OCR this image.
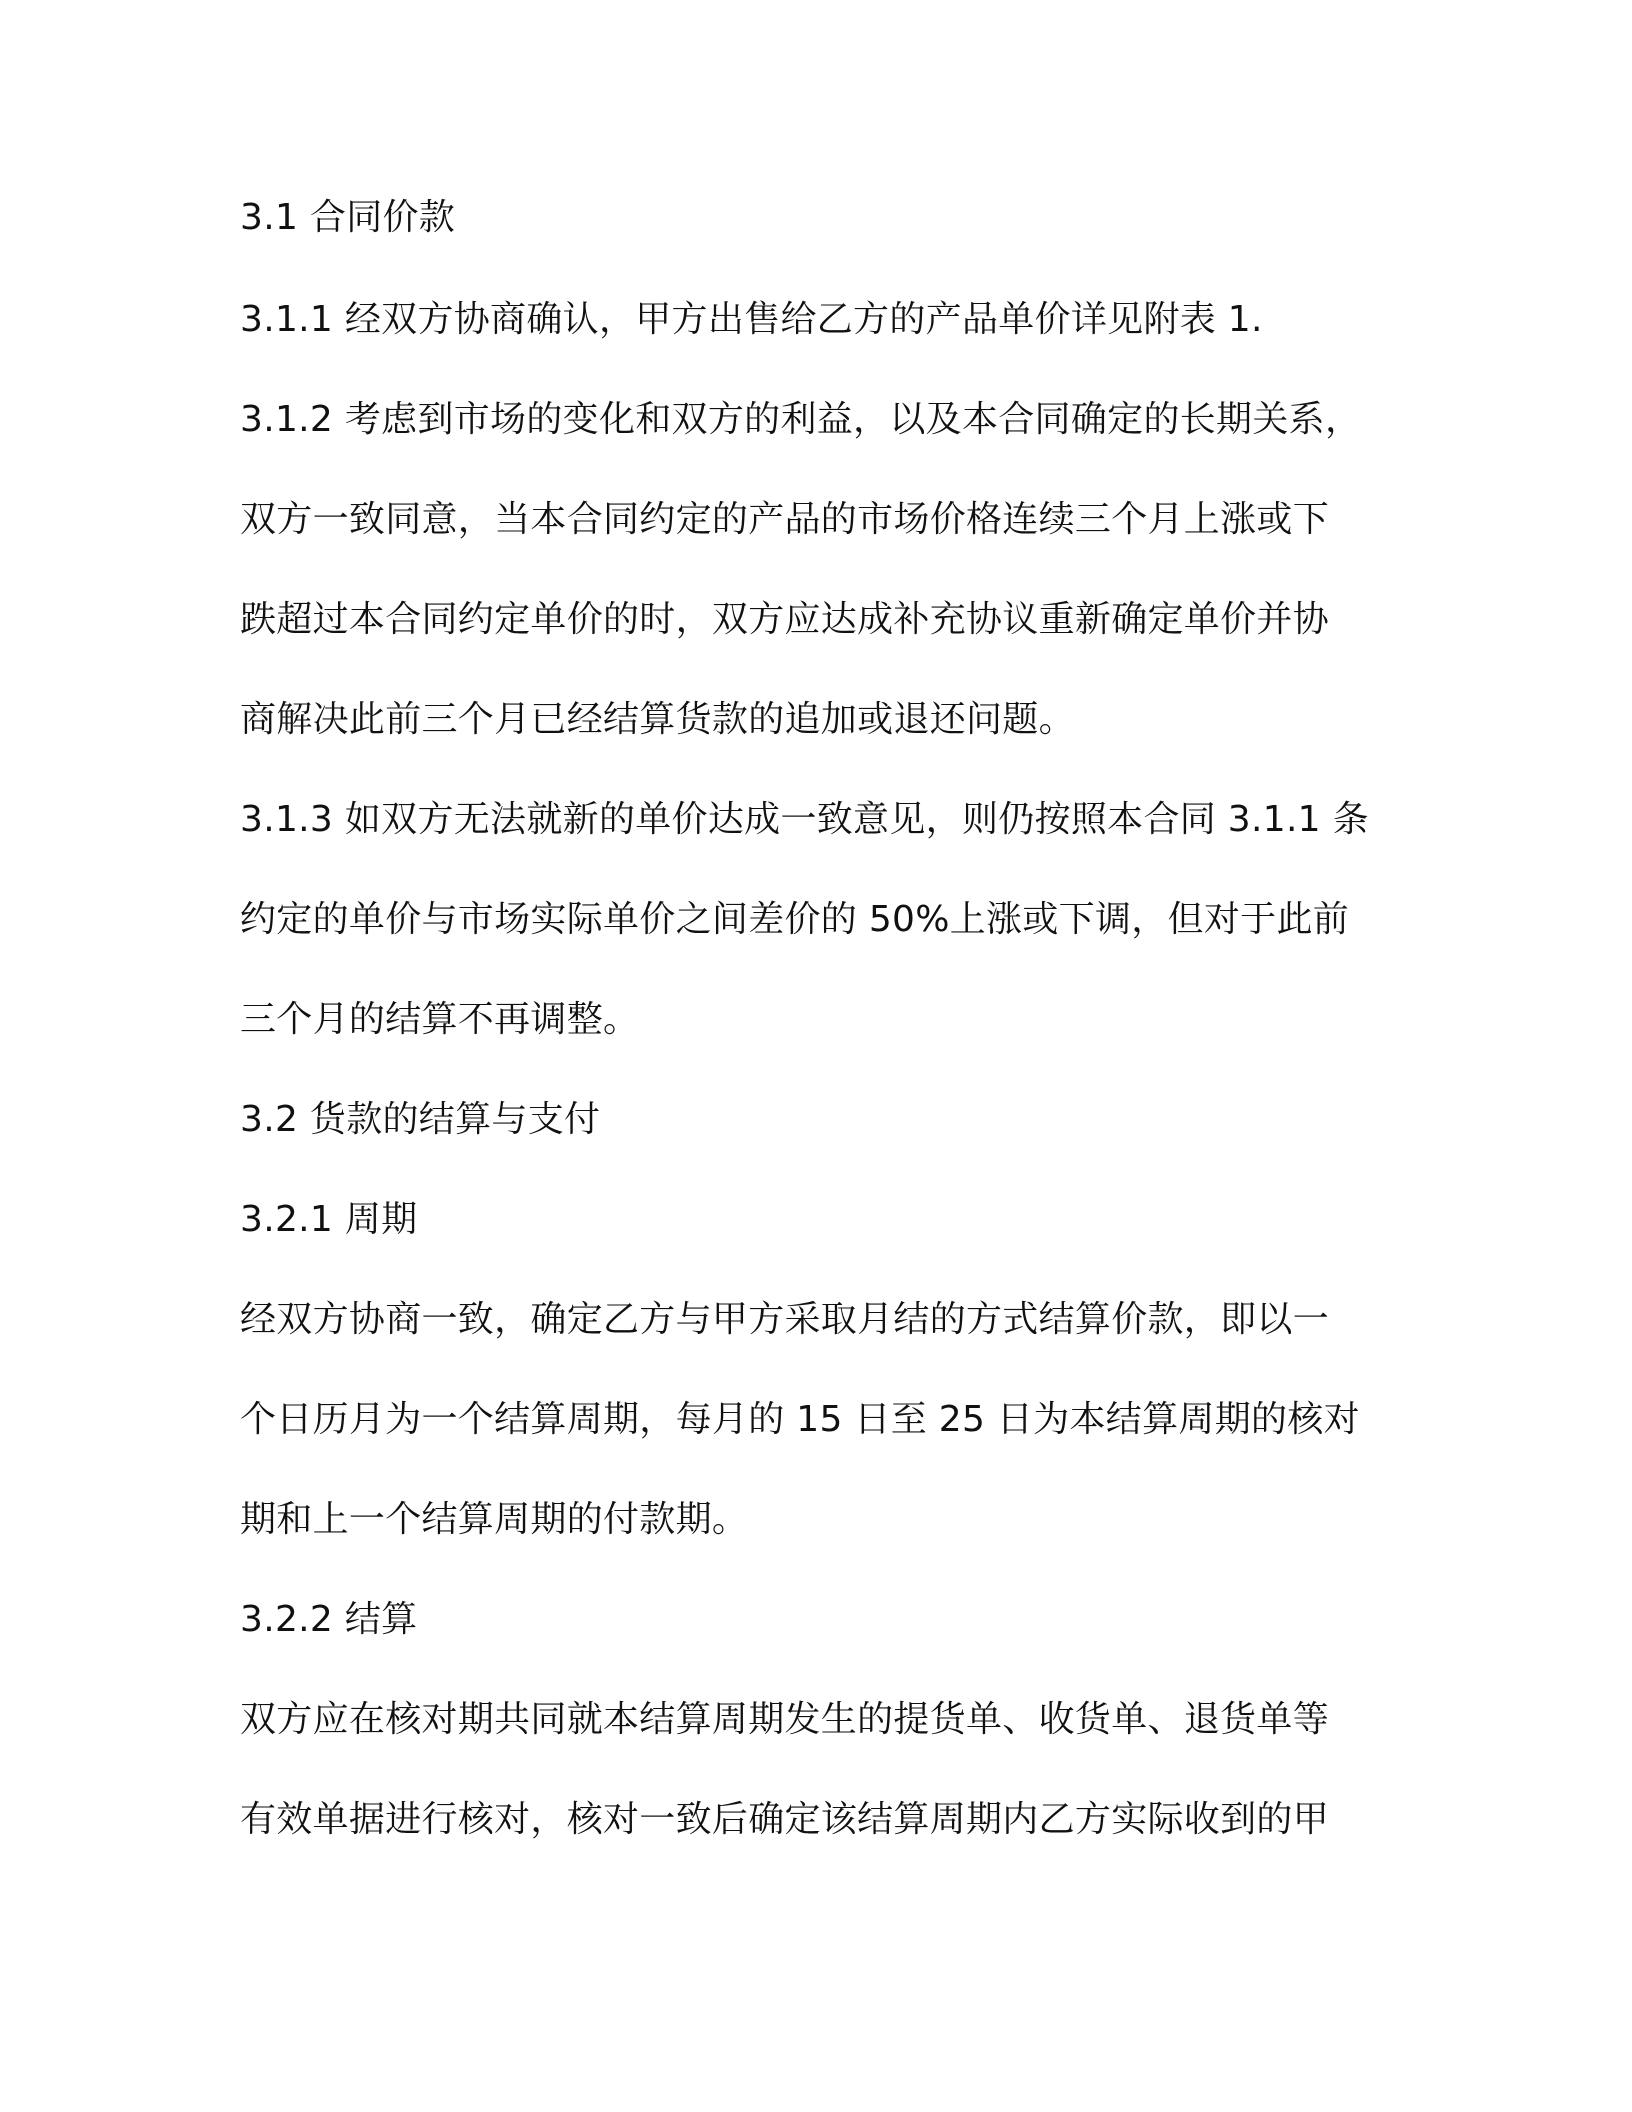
3.1 合同价款
3.1.1 经双方协商确认，甲方出售给乙方的产品单价详见附表 1.
3.1.2 考虑到市场的变化和双方的利益，以及本合同确定的长期关系，
双方一致同意，当本合同约定的产品的市场价格连续三个月上涨或下
跌超过本合同约定单价的时，双方应达成补充协议重新确定单价并协
商解决此前三个月已经结算货款的追加或退还问题。
3.1.3 如双方无法就新的单价达成一致意见，则仍按照本合同 3.1.1 条
约定的单价与市场实际单价之间差价的 50%上涨或下调，但对于此前
三个月的结算不再调整。
3.2 货款的结算与支付
3.2.1 周期
经双方协商一致，确定乙方与甲方采取月结的方式结算价款，即以一
个日历月为一个结算周期，每月的 15 日至 25 日为本结算周期的核对
期和上一个结算周期的付款期。
3.2.2 结算
双方应在核对期共同就本结算周期发生的提货单、收货单、退货单等
有效单据进行核对，核对一致后确定该结算周期内乙方实际收到的甲
